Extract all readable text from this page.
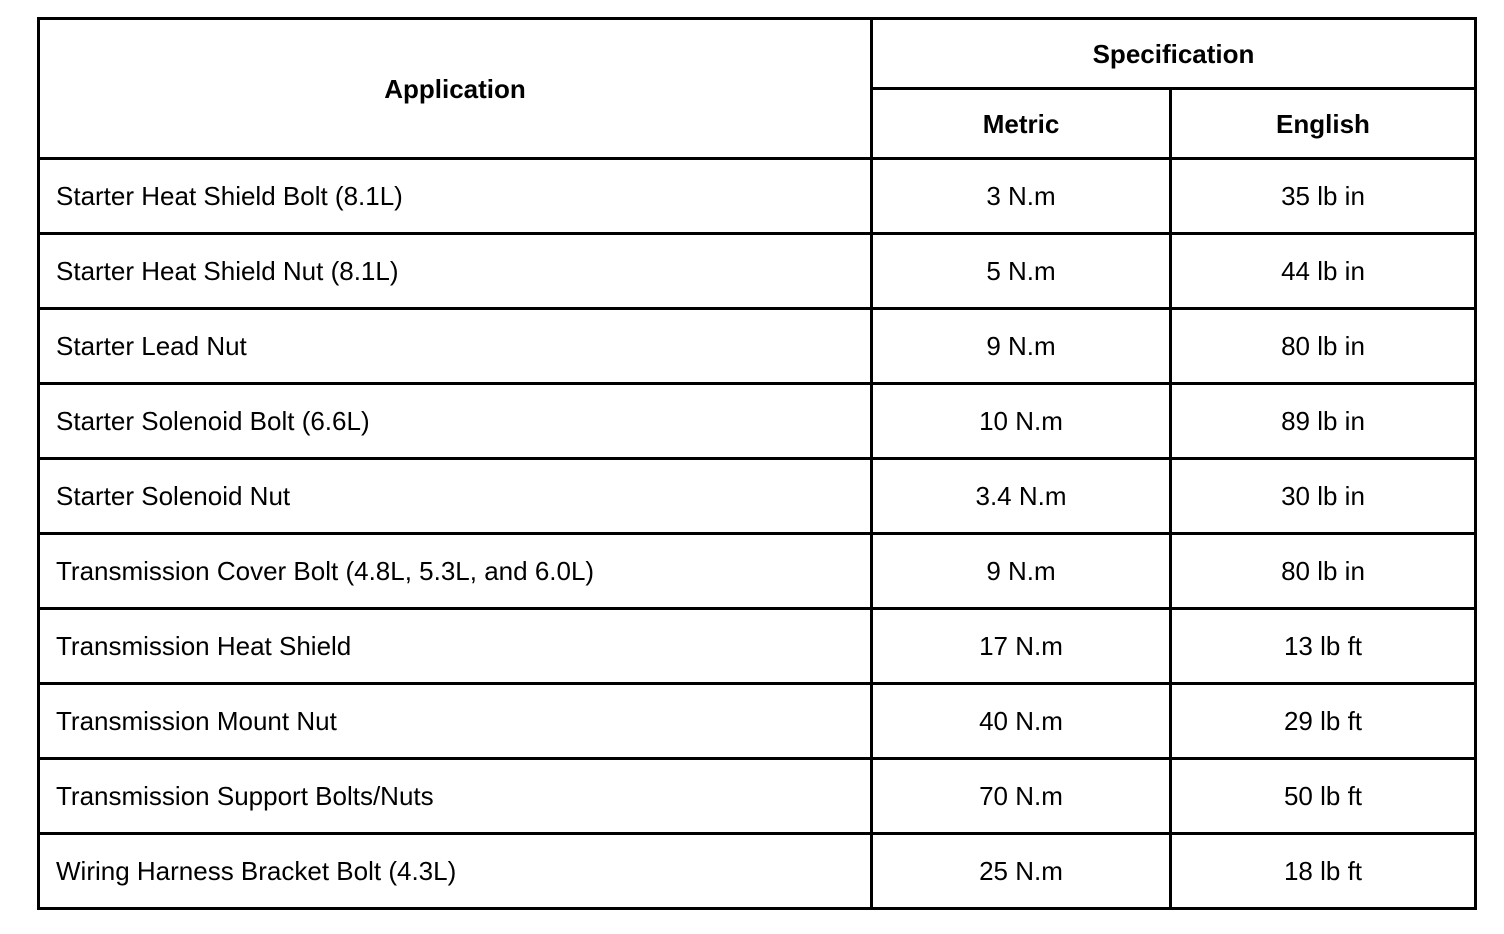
Application	Specification	
	Metric	English
Starter Heat Shield Bolt (8.1L)	3 N.m	35 lb in
Starter Heat Shield Nut (8.1L)	5 N.m	44 lb in
Starter Lead Nut	9 N.m	80 lb in
Starter Solenoid Bolt (6.6L)	10 N.m	89 lb in
Starter Solenoid Nut	3.4 N.m	30 lb in
Transmission Cover Bolt (4.8L, 5.3L, and 6.0L)	9 N.m	80 lb in
Transmission Heat Shield	17 N.m	13 lb ft
Transmission Mount Nut	40 N.m	29 lb ft
Transmission Support Bolts/Nuts	70 N.m	50 lb ft
Wiring Harness Bracket Bolt (4.3L)	25 N.m	18 lb ft
